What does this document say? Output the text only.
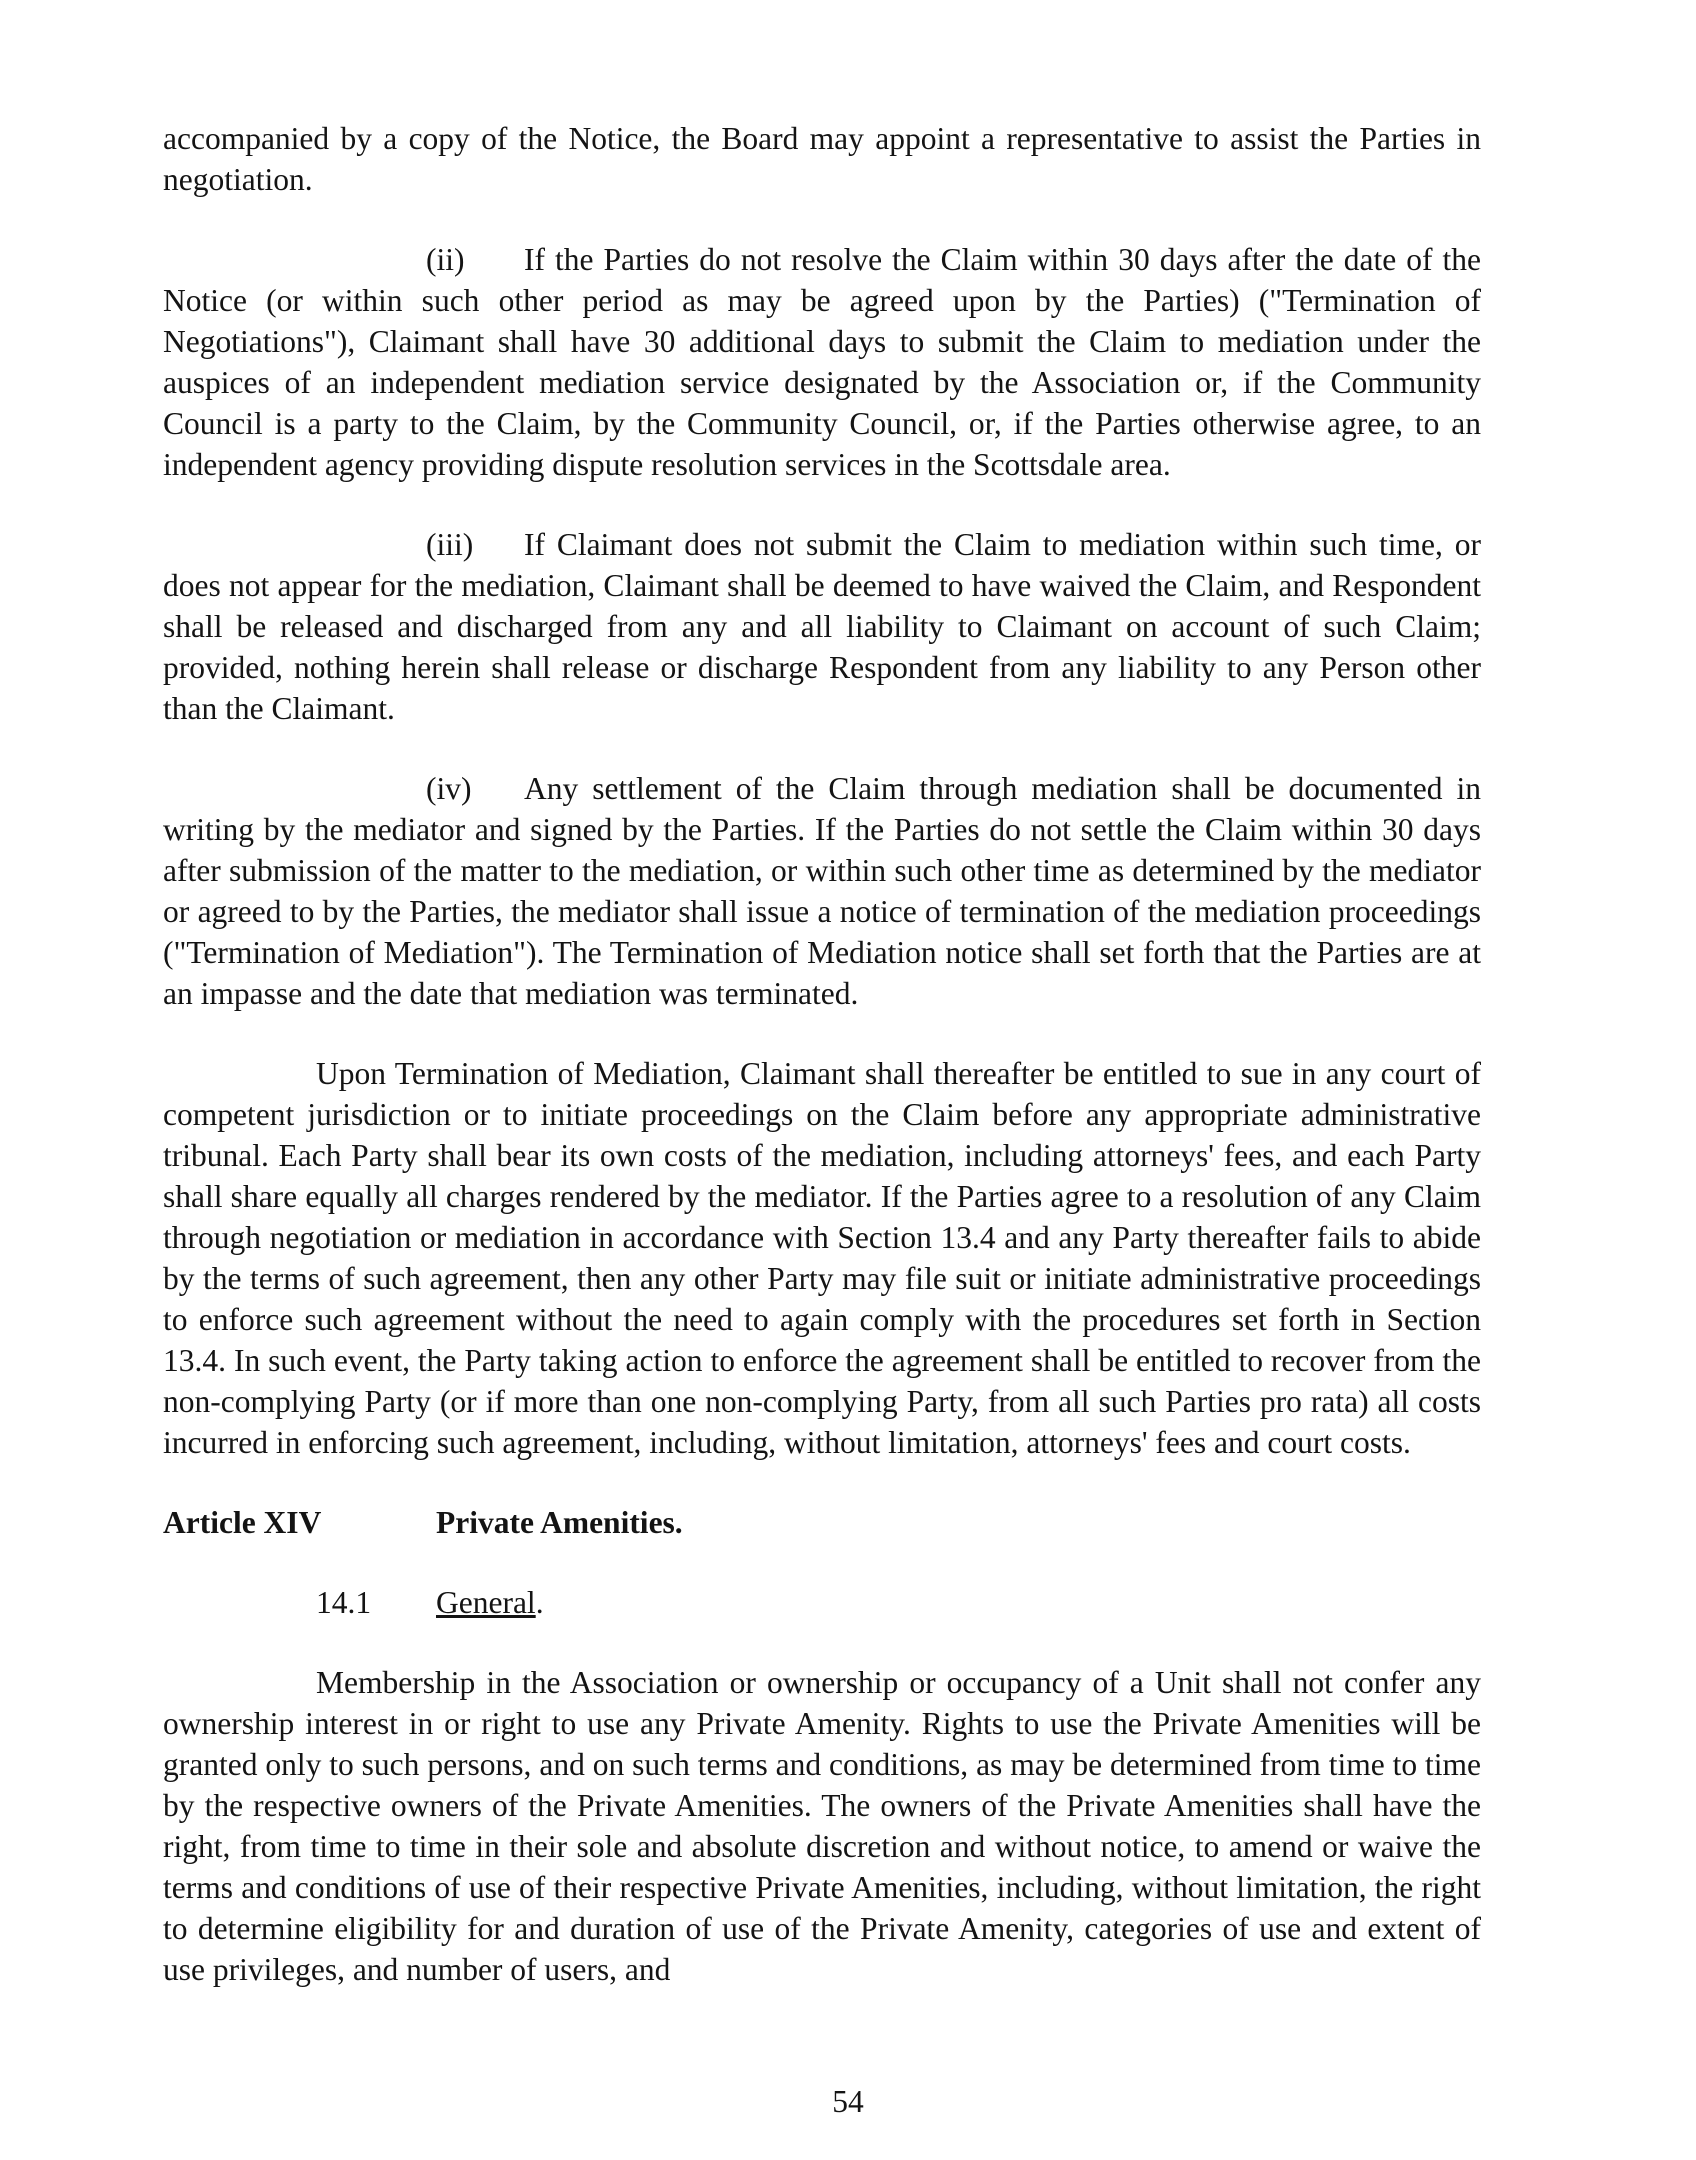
accompanied by a copy of the Notice, the Board may appoint a representative to assist the Parties in negotiation.

(ii) If the Parties do not resolve the Claim within 30 days after the date of the Notice (or within such other period as may be agreed upon by the Parties) ("Termination of Negotiations"), Claimant shall have 30 additional days to submit the Claim to mediation under the auspices of an independent mediation service designated by the Association or, if the Community Council is a party to the Claim, by the Community Council, or, if the Parties otherwise agree, to an independent agency providing dispute resolution services in the Scottsdale area.

(iii) If Claimant does not submit the Claim to mediation within such time, or does not appear for the mediation, Claimant shall be deemed to have waived the Claim, and Respondent shall be released and discharged from any and all liability to Claimant on account of such Claim; provided, nothing herein shall release or discharge Respondent from any liability to any Person other than the Claimant.

(iv) Any settlement of the Claim through mediation shall be documented in writing by the mediator and signed by the Parties. If the Parties do not settle the Claim within 30 days after submission of the matter to the mediation, or within such other time as determined by the mediator or agreed to by the Parties, the mediator shall issue a notice of termination of the mediation proceedings ("Termination of Mediation"). The Termination of Mediation notice shall set forth that the Parties are at an impasse and the date that mediation was terminated.

Upon Termination of Mediation, Claimant shall thereafter be entitled to sue in any court of competent jurisdiction or to initiate proceedings on the Claim before any appropriate administrative tribunal. Each Party shall bear its own costs of the mediation, including attorneys' fees, and each Party shall share equally all charges rendered by the mediator. If the Parties agree to a resolution of any Claim through negotiation or mediation in accordance with Section 13.4 and any Party thereafter fails to abide by the terms of such agreement, then any other Party may file suit or initiate administrative proceedings to enforce such agreement without the need to again comply with the procedures set forth in Section 13.4. In such event, the Party taking action to enforce the agreement shall be entitled to recover from the non-complying Party (or if more than one non-complying Party, from all such Parties pro rata) all costs incurred in enforcing such agreement, including, without limitation, attorneys' fees and court costs.

Article XIV	Private Amenities.
14.1	General.

Membership in the Association or ownership or occupancy of a Unit shall not confer any ownership interest in or right to use any Private Amenity. Rights to use the Private Amenities will be granted only to such persons, and on such terms and conditions, as may be determined from time to time by the respective owners of the Private Amenities. The owners of the Private Amenities shall have the right, from time to time in their sole and absolute discretion and without notice, to amend or waive the terms and conditions of use of their respective Private Amenities, including, without limitation, the right to determine eligibility for and duration of use of the Private Amenity, categories of use and extent of use privileges, and number of users, and

54
